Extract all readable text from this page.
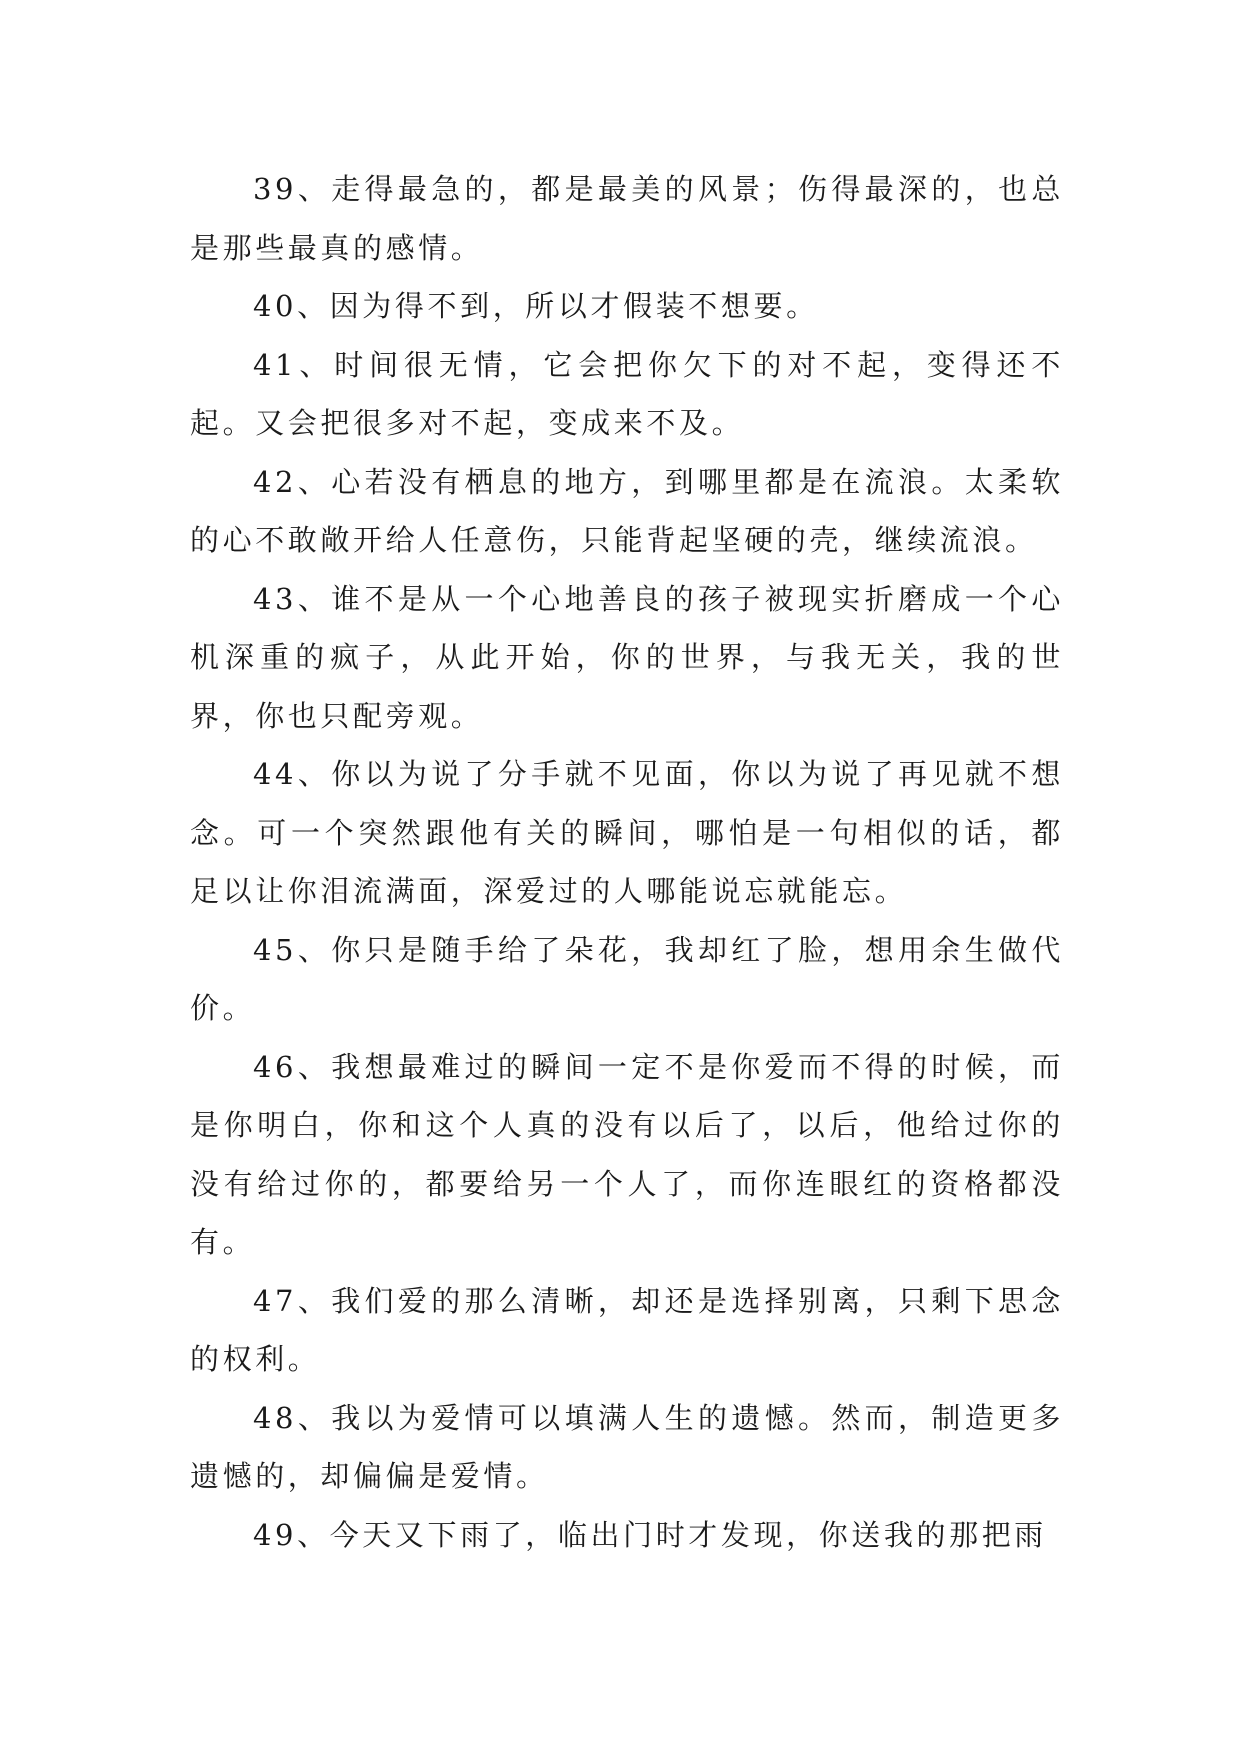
39、走得最急的，都是最美的风景；伤得最深的，也总是那些最真的感情。

40、因为得不到，所以才假装不想要。

41、时间很无情，它会把你欠下的对不起，变得还不起。又会把很多对不起，变成来不及。

42、心若没有栖息的地方，到哪里都是在流浪。太柔软的心不敢敞开给人任意伤，只能背起坚硬的壳，继续流浪。

43、谁不是从一个心地善良的孩子被现实折磨成一个心机深重的疯子，从此开始，你的世界，与我无关，我的世界，你也只配旁观。

44、你以为说了分手就不见面，你以为说了再见就不想念。可一个突然跟他有关的瞬间，哪怕是一句相似的话，都足以让你泪流满面，深爱过的人哪能说忘就能忘。

45、你只是随手给了朵花，我却红了脸，想用余生做代价。

46、我想最难过的瞬间一定不是你爱而不得的时候，而是你明白，你和这个人真的没有以后了，以后，他给过你的没有给过你的，都要给另一个人了，而你连眼红的资格都没有。

47、我们爱的那么清晰，却还是选择别离，只剩下思念的权利。

48、我以为爱情可以填满人生的遗憾。然而，制造更多遗憾的，却偏偏是爱情。

49、今天又下雨了，临出门时才发现，你送我的那把雨
